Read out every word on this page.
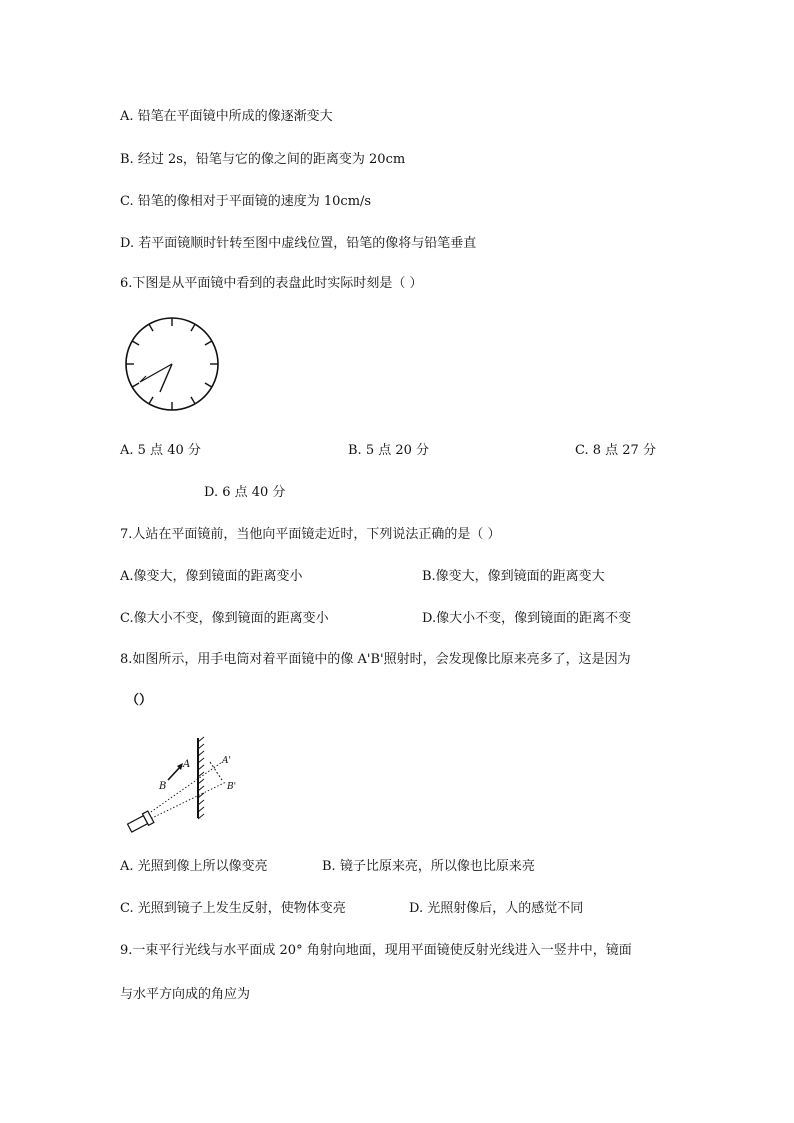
A. 铅笔在平面镜中所成的像逐渐变大
B. 经过 2s，铅笔与它的像之间的距离变为 20cm
C. 铅笔的像相对于平面镜的速度为 10cm/s
D. 若平面镜顺时针转至图中虚线位置，铅笔的像将与铅笔垂直
6.下图是从平面镜中看到的表盘此时实际时刻是（ ）
A. 5 点 40 分	B. 5 点 20 分	C. 8 点 27 分
D. 6 点 40 分
7.人站在平面镜前，当他向平面镜走近时，下列说法正确的是（ ）
A.像变大，像到镜面的距离变小	B.像变大，像到镜面的距离变大
C.像大小不变，像到镜面的距离变小	D.像大小不变，像到镜面的距离不变
8.如图所示，用手电筒对着平面镜中的像 A'B'照射时，会发现像比原来亮多了，这是因为
（）
A
B
A'
B'
A. 光照到像上所以像变亮	B. 镜子比原来亮，所以像也比原来亮
C. 光照到镜子上发生反射，使物体变亮	D. 光照射像后，人的感觉不同
9.一束平行光线与水平面成 20° 角射向地面，现用平面镜使反射光线进入一竖井中，镜面
与水平方向成的角应为
